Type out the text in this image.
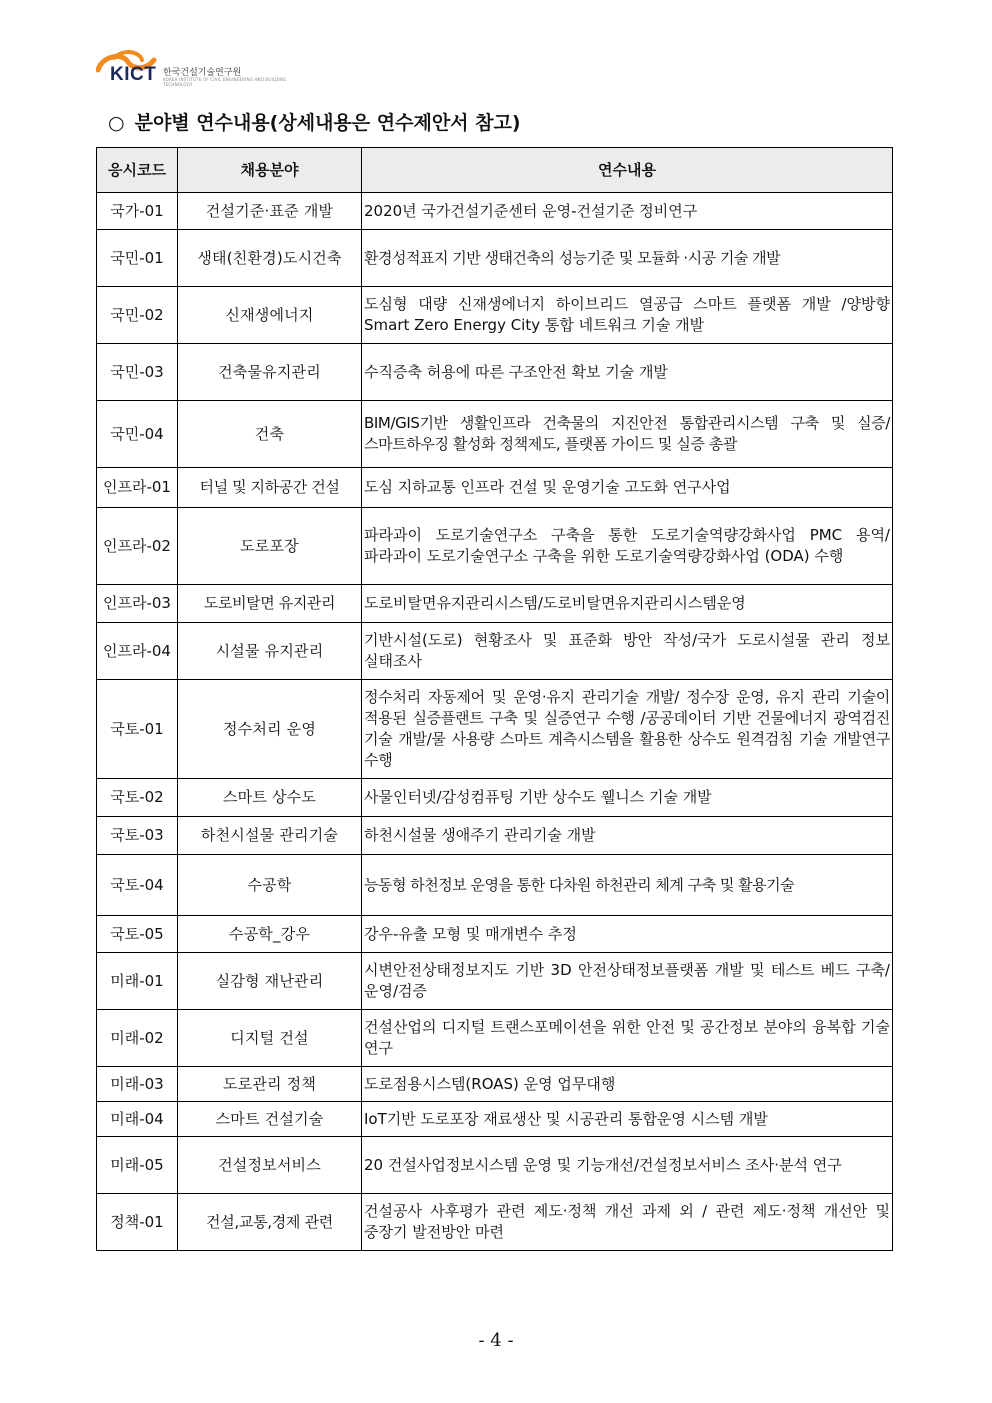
KICT 한국건설기술연구원
KOREA INSTITUTE OF CIVIL ENGINEERING AND BUILDING TECHNOLOGY
○ 분야별 연수내용(상세내용은 연수제안서 참고)
응시코드	채용분야	연수내용
국가-01	건설기준·표준 개발	2020년 국가건설기준센터 운영-건설기준 정비연구
국민-01	생태(친환경)도시건축	환경성적표지 기반 생태건축의 성능기준 및 모듈화 ·시공 기술 개발
국민-02	신재생에너지	도심형 대량 신재생에너지 하이브리드 열공급 스마트 플랫폼 개발 /양방향 Smart Zero Energy City 통합 네트워크 기술 개발
국민-03	건축물유지관리	수직증축 허용에 따른 구조안전 확보 기술 개발
국민-04	건축	BIM/GIS기반 생활인프라 건축물의 지진안전 통합관리시스템 구축 및 실증/스마트하우징 활성화 정책제도, 플랫폼 가이드 및 실증 총괄
인프라-01	터널 및 지하공간 건설	도심 지하교통 인프라 건설 및 운영기술 고도화 연구사업
인프라-02	도로포장	파라과이 도로기술연구소 구축을 통한 도로기술역량강화사업 PMC 용역/파라과이 도로기술연구소 구축을 위한 도로기술역량강화사업 (ODA) 수행
인프라-03	도로비탈면 유지관리	도로비탈면유지관리시스템/도로비탈면유지관리시스템운영
인프라-04	시설물 유지관리	기반시설(도로) 현황조사 및 표준화 방안 작성/국가 도로시설물 관리 정보 실태조사
국토-01	정수처리 운영	정수처리 자동제어 및 운영·유지 관리기술 개발/ 정수장 운영, 유지 관리 기술이 적용된 실증플랜트 구축 및 실증연구 수행 /공공데이터 기반 건물에너지 광역검진 기술 개발/물 사용량 스마트 계측시스템을 활용한 상수도 원격검침 기술 개발연구 수행
국토-02	스마트 상수도	사물인터넷/감성컴퓨팅 기반 상수도 웰니스 기술 개발
국토-03	하천시설물 관리기술	하천시설물 생애주기 관리기술 개발
국토-04	수공학	능동형 하천정보 운영을 통한 다차원 하천관리 체계 구축 및 활용기술
국토-05	수공학_강우	강우-유출 모형 및 매개변수 추정
미래-01	실감형 재난관리	시변안전상태정보지도 기반 3D 안전상태정보플랫폼 개발 및 테스트 베드 구축/운영/검증
미래-02	디지털 건설	건설산업의 디지털 트랜스포메이션을 위한 안전 및 공간정보 분야의 융복합 기술 연구
미래-03	도로관리 정책	도로점용시스템(ROAS) 운영 업무대행
미래-04	스마트 건설기술	IoT기반 도로포장 재료생산 및 시공관리 통합운영 시스템 개발
미래-05	건설정보서비스	20 건설사업정보시스템 운영 및 기능개선/건설정보서비스 조사·분석 연구
정책-01	건설,교통,경제 관련	건설공사 사후평가 관련 제도·정책 개선 과제 외 / 관련 제도·정책 개선안 및 중장기 발전방안 마련
- 4 -
